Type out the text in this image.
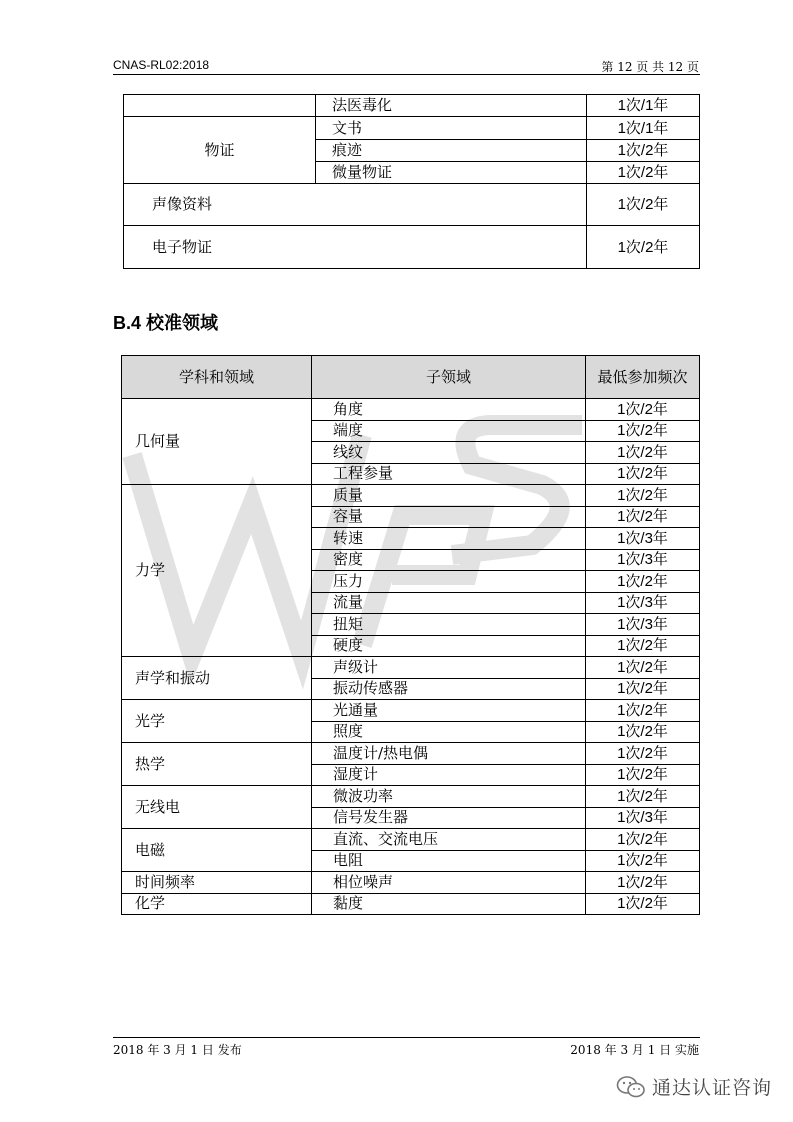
CNAS-RL02:2018	第 12 页 共 12 页
	法医毒化	1次/1年
物证	文书	1次/1年
	痕迹	1次/2年
	微量物证	1次/2年
声像资料		1次/2年
电子物证		1次/2年
B.4 校准领域
学科和领域	子领域	最低参加频次
几何量	角度	1次/2年
	端度	1次/2年
	线纹	1次/2年
	工程参量	1次/2年
力学	质量	1次/2年
	容量	1次/2年
	转速	1次/3年
	密度	1次/3年
	压力	1次/2年
	流量	1次/3年
	扭矩	1次/3年
	硬度	1次/2年
声学和振动	声级计	1次/2年
	振动传感器	1次/2年
光学	光通量	1次/2年
	照度	1次/2年
热学	温度计/热电偶	1次/2年
	湿度计	1次/2年
无线电	微波功率	1次/2年
	信号发生器	1次/3年
电磁	直流、交流电压	1次/2年
	电阻	1次/2年
时间频率	相位噪声	1次/2年
化学	黏度	1次/2年
2018 年 3 月 1 日 发布	2018 年 3 月 1 日 实施
通达认证咨询
